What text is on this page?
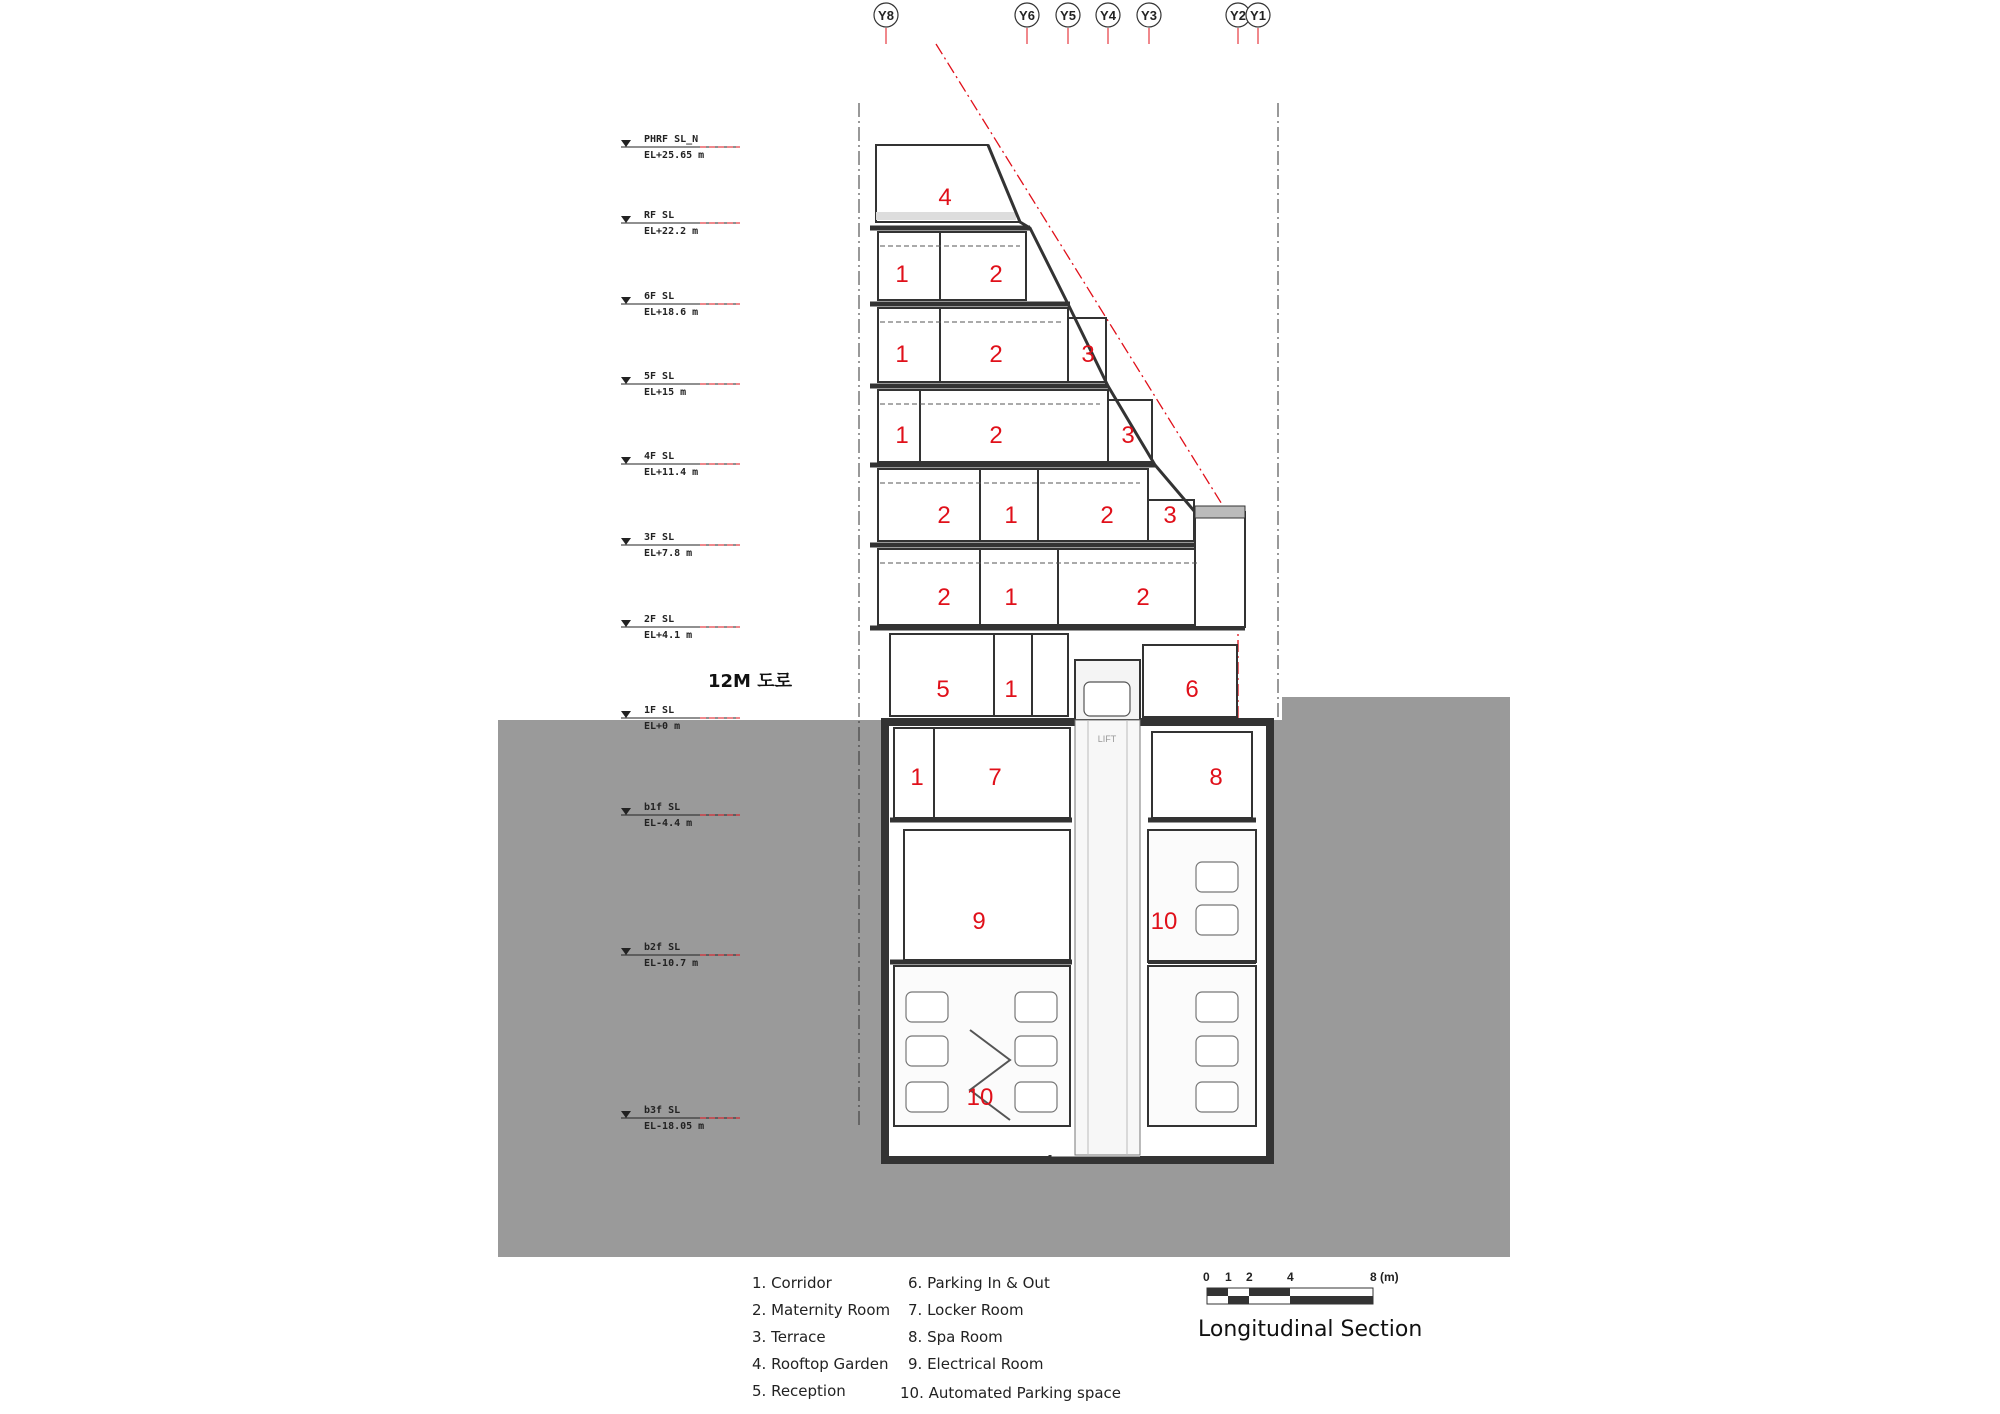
Y8	Y6 Y5 Y4 Y3	Y2 Y1
PHRF SL_N
EL+25.65 m
RF SL
EL+22.2 m
6F SL
EL+18.6 m
5F SL
EL+15 m
4F SL
EL+11.4 m
3F SL
EL+7.8 m
2F SL
EL+4.1 m
1F SL
EL+0 m
b1f SL
EL-4.4 m
b2f SL
EL-10.7 m
b3f SL
EL-18.05 m
12M 도로
LIFT
4
1	2
1	2	3
1	2	3
2 1	2 3
2 1	2
5 1	6
1	7	8
9	10
10
1. Corridor
2. Maternity Room
3. Terrace
4. Rooftop Garden
5. Reception
6. Parking In & Out
7. Locker Room
8. Spa Room
9. Electrical Room
10. Automated Parking space
0 1 2	4	8 (m)
Longitudinal Section
